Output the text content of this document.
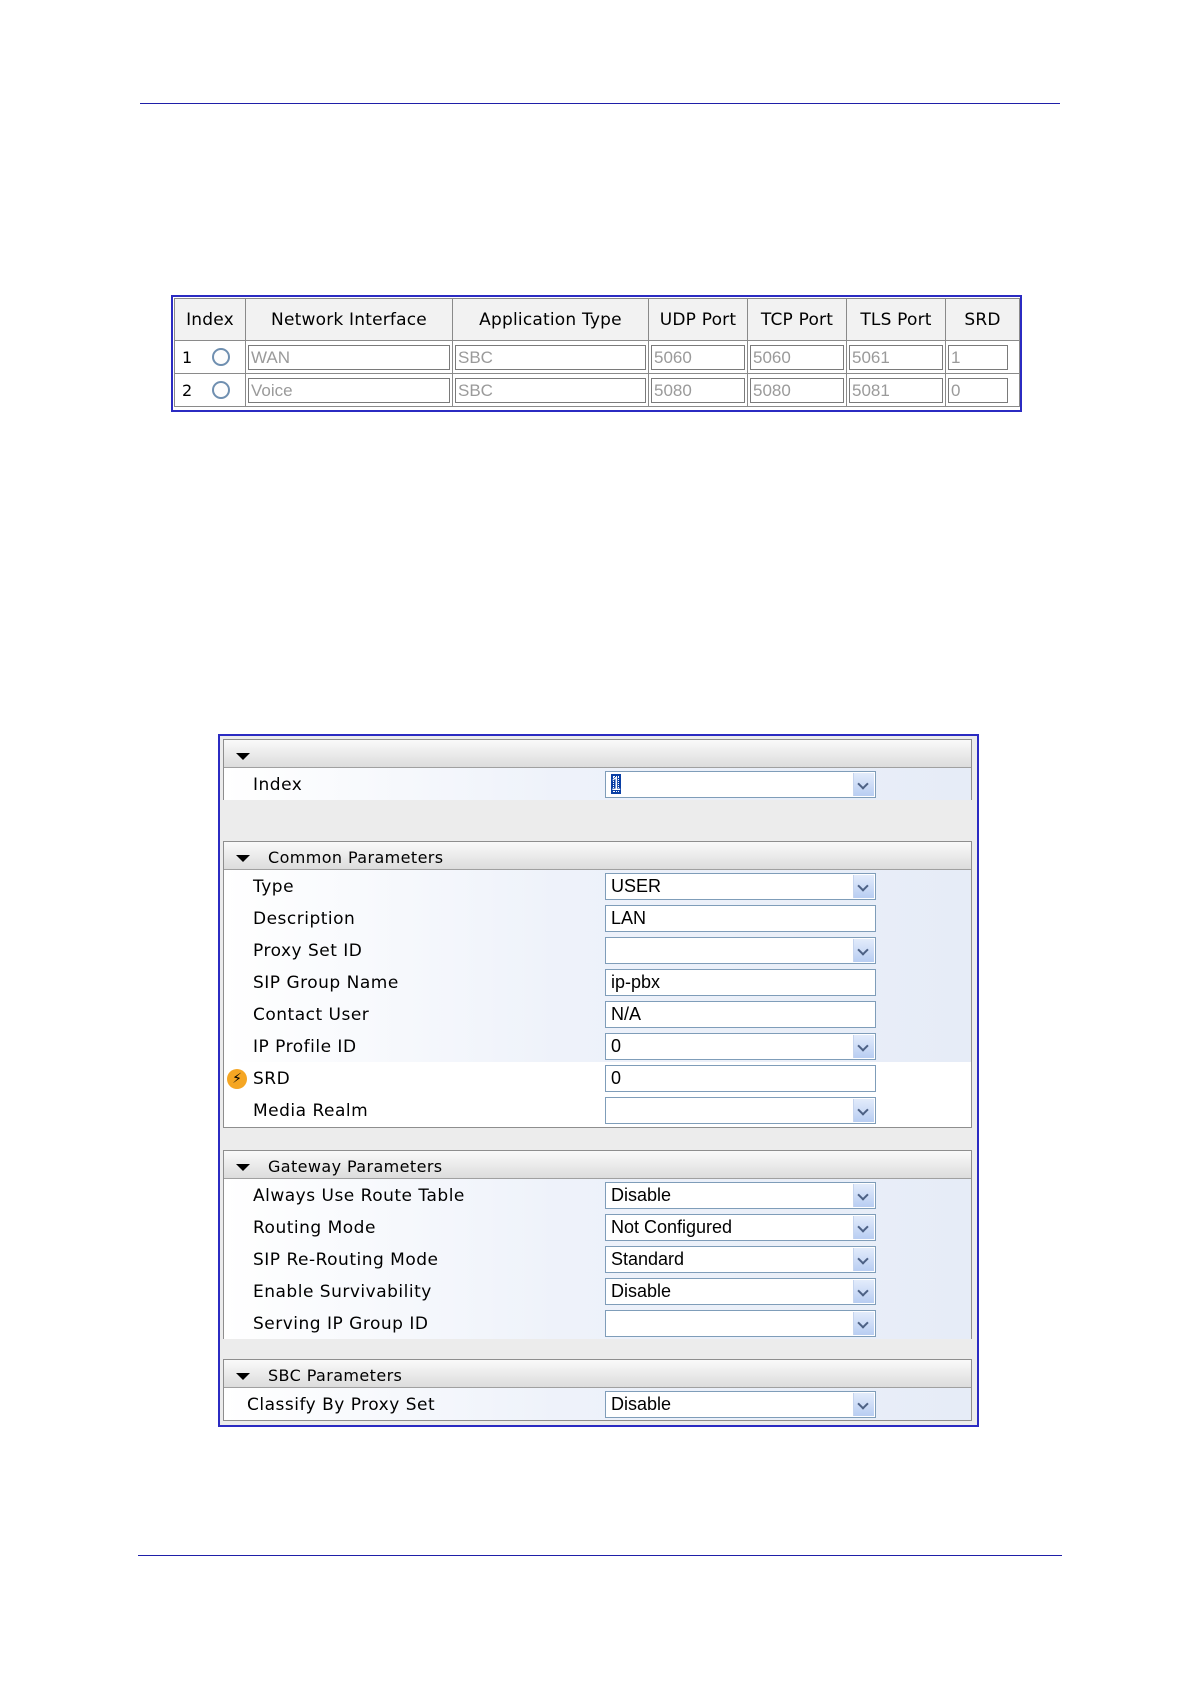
Index	Network Interface	Application Type	UDP Port	TCP Port	TLS Port	SRD

1	WAN	SBC	5060	5060	5061	1

2	Voice	SBC	5080	5080	5081	0
Index	1
Common Parameters
Type	USER
Description	LAN
Proxy Set ID
SIP Group Name	ip-pbx
Contact User	N/A
IP Profile ID	0
⚡ SRD	0
Media Realm
Gateway Parameters
Always Use Route Table	Disable
Routing Mode	Not Configured
SIP Re-Routing Mode	Standard
Enable Survivability	Disable
Serving IP Group ID
SBC Parameters
Classify By Proxy Set	Disable
